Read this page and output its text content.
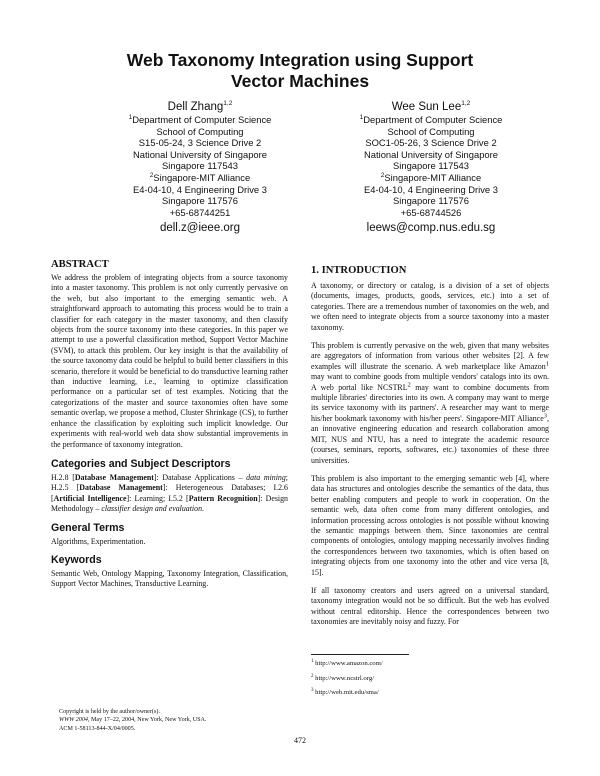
Web Taxonomy Integration using Support
Vector Machines
Dell Zhang$^{1,2}$
$^1$Department of Computer Science
School of Computing
S15-05-24, 3 Science Drive 2
National University of Singapore
Singapore 117543
$^2$Singapore-MIT Alliance
E4-04-10, 4 Engineering Drive 3
Singapore 117576
+65-68744251
dell.z@ieee.org
Wee Sun Lee$^{1,2}$
$^1$Department of Computer Science
School of Computing
SOC1-05-26, 3 Science Drive 2
National University of Singapore
Singapore 117543
$^2$Singapore-MIT Alliance
E4-04-10, 4 Engineering Drive 3
Singapore 117576
+65-68744526
leews@comp.nus.edu.sg
ABSTRACT

We address the problem of integrating objects from a source taxonomy into a master taxonomy. This problem is not only currently pervasive on the web, but also important to the emerging semantic web. A straightforward approach to automating this process would be to train a classifier for each category in the master taxonomy, and then classify objects from the source taxonomy into these categories. In this paper we attempt to use a powerful classification method, Support Vector Machine (SVM), to attack this problem. Our key insight is that the availability of the source taxonomy data could be helpful to build better classifiers in this scenario, therefore it would be beneficial to do transductive learning rather than inductive learning, i.e., learning to optimize classification performance on a particular set of test examples. Noticing that the categorizations of the master and source taxonomies often have some semantic overlap, we propose a method, Cluster Shrinkage (CS), to further enhance the classification by exploiting such implicit knowledge. Our experiments with real-world web data show substantial improvements in the performance of taxonomy integration.

Categories and Subject Descriptors

H.2.8 [Database Management]: Database Applications – data mining; H.2.5 [Database Management]: Heterogeneous Databases; I.2.6 [Artificial Intelligence]: Learning; I.5.2 [Pattern Recognition]: Design Methodology – classifier design and evaluation.

General Terms

Algorithms, Experimentation.

Keywords

Semantic Web, Ontology Mapping, Taxonomy Integration, Classification, Support Vector Machines, Transductive Learning.

Copyright is held by the author/owner(s).
WWW 2004, May 17–22, 2004, New York, New York, USA.
ACM 1-58113-844-X/04/0005.
1. INTRODUCTION

A taxonomy, or directory or catalog, is a division of a set of objects (documents, images, products, goods, services, etc.) into a set of categories. There are a tremendous number of taxonomies on the web, and we often need to integrate objects from a source taxonomy into a master taxonomy.

This problem is currently pervasive on the web, given that many websites are aggregators of information from various other websites [2]. A few examples will illustrate the scenario. A web marketplace like Amazon$^1$ may want to combine goods from multiple vendors' catalogs into its own. A web portal like NCSTRL$^2$ may want to combine documents from multiple libraries' directories into its own. A company may want to merge its service taxonomy with its partners'. A researcher may want to merge his/her bookmark taxonomy with his/her peers'. Singapore-MIT Alliance$^3$, an innovative engineering education and research collaboration among MIT, NUS and NTU, has a need to integrate the academic resource (courses, seminars, reports, softwares, etc.) taxonomies of these three universities.

This problem is also important to the emerging semantic web [4], where data has structures and ontologies describe the semantics of the data, thus better enabling computers and people to work in cooperation. On the semantic web, data often come from many different ontologies, and information processing across ontologies is not possible without knowing the semantic mappings between them. Since taxonomies are central components of ontologies, ontology mapping necessarily involves finding the correspondences between two taxonomies, which is often based on integrating objects from one taxonomy into the other and vice versa [8, 15].

If all taxonomy creators and users agreed on a universal standard, taxonomy integration would not be so difficult. But the web has evolved without central editorship. Hence the correspondences between two taxonomies are inevitably noisy and fuzzy. For

$^1$ http://www.amazon.com/
$^2$ http://www.ncstrl.org/
$^3$ http://web.mit.edu/sma/
472
